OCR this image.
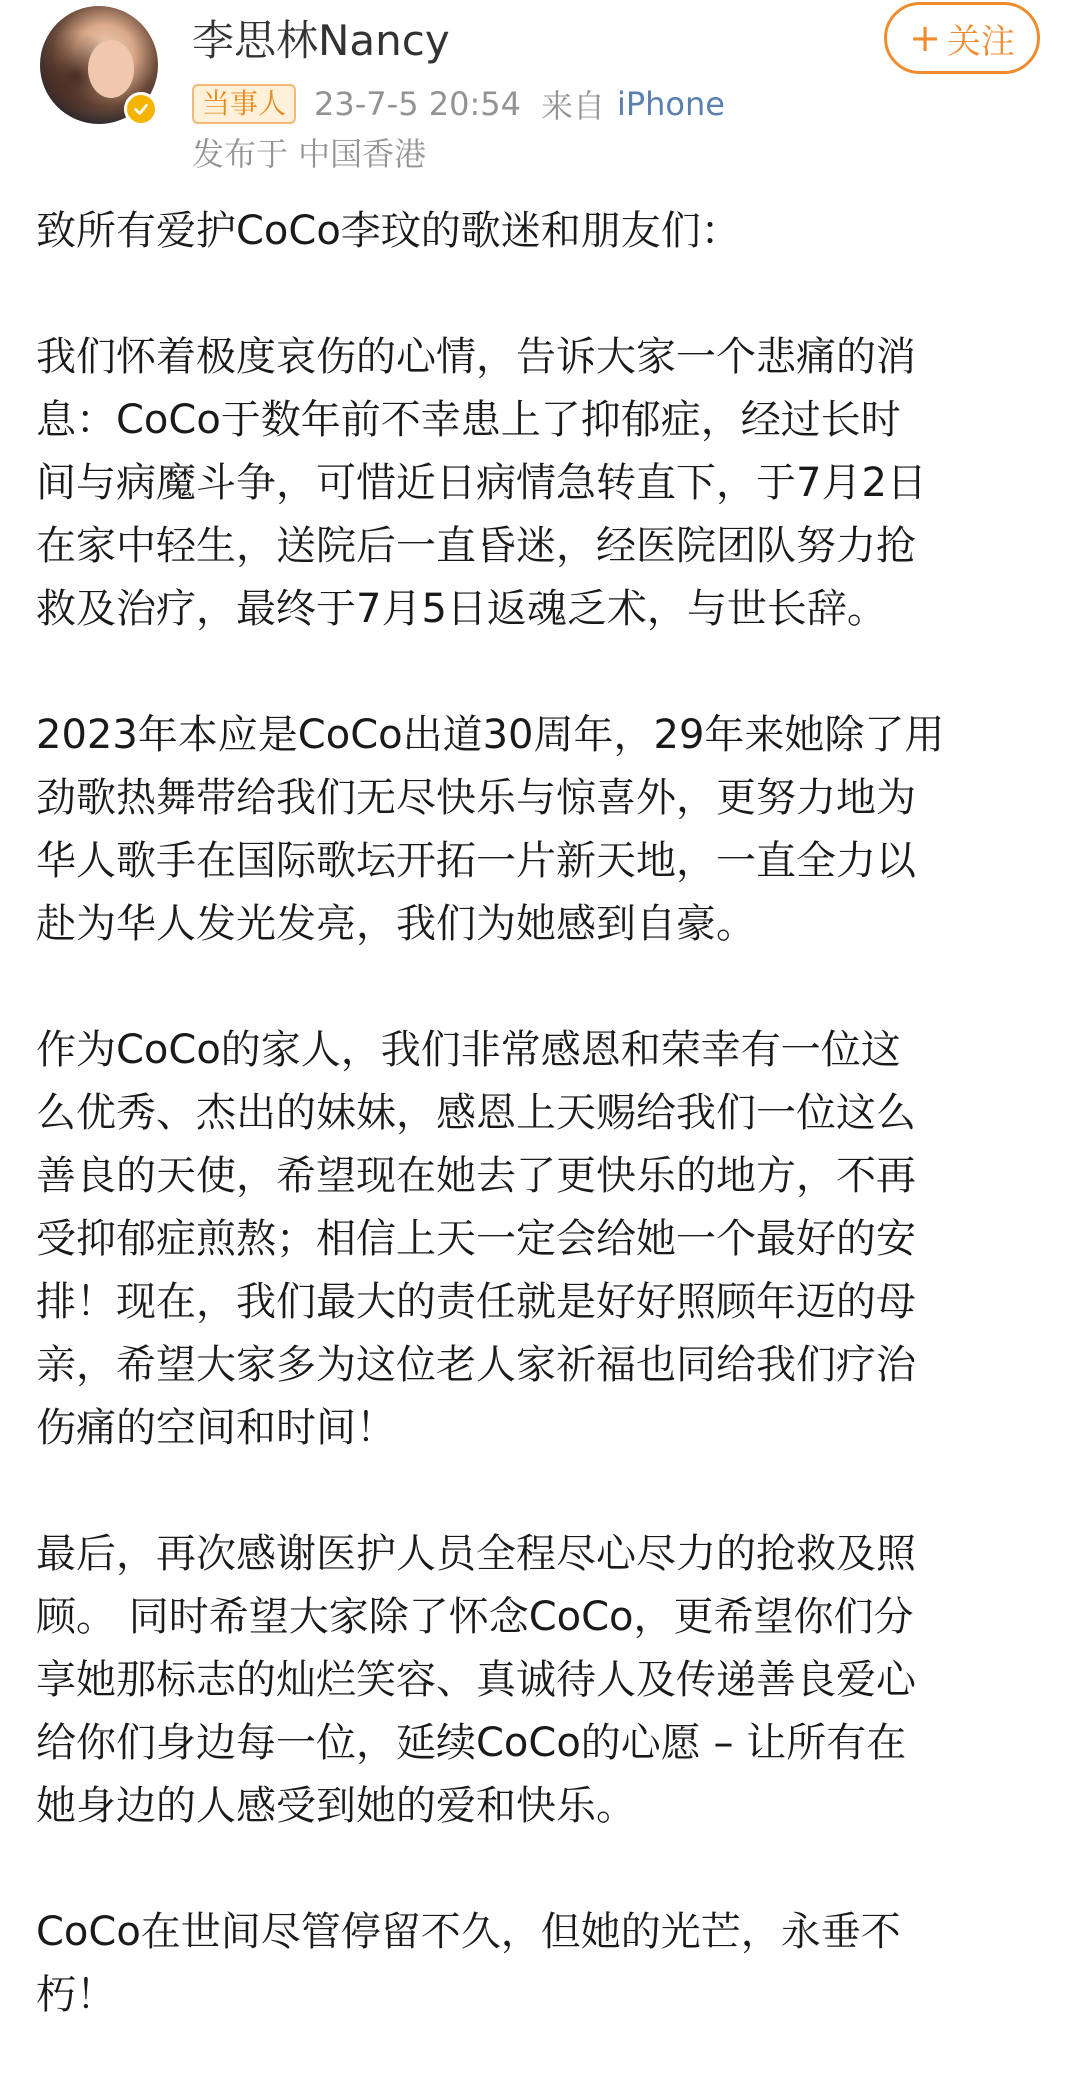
李思林Nancy
当事人 23-7-5 20:54 来自 iPhone
发布于 中国香港
+ 关注

致所有爱护CoCo李玟的歌迷和朋友们：

我们怀着极度哀伤的心情，告诉大家一个悲痛的消
息：CoCo于数年前不幸患上了抑郁症，经过长时
间与病魔斗争，可惜近日病情急转直下，于7月2日
在家中轻生，送院后一直昏迷，经医院团队努力抢
救及治疗，最终于7月5日返魂乏术，与世长辞。

2023年本应是CoCo出道30周年，29年来她除了用
劲歌热舞带给我们无尽快乐与惊喜外，更努力地为
华人歌手在国际歌坛开拓一片新天地，一直全力以
赴为华人发光发亮，我们为她感到自豪。

作为CoCo的家人，我们非常感恩和荣幸有一位这
么优秀、杰出的妹妹，感恩上天赐给我们一位这么
善良的天使，希望现在她去了更快乐的地方，不再
受抑郁症煎熬；相信上天一定会给她一个最好的安
排！现在，我们最大的责任就是好好照顾年迈的母
亲，希望大家多为这位老人家祈福也同给我们疗治
伤痛的空间和时间！

最后，再次感谢医护人员全程尽心尽力的抢救及照
顾。 同时希望大家除了怀念CoCo，更希望你们分
享她那标志的灿烂笑容、真诚待人及传递善良爱心
给你们身边每一位，延续CoCo的心愿 – 让所有在
她身边的人感受到她的爱和快乐。

CoCo在世间尽管停留不久，但她的光芒，永垂不
朽！
